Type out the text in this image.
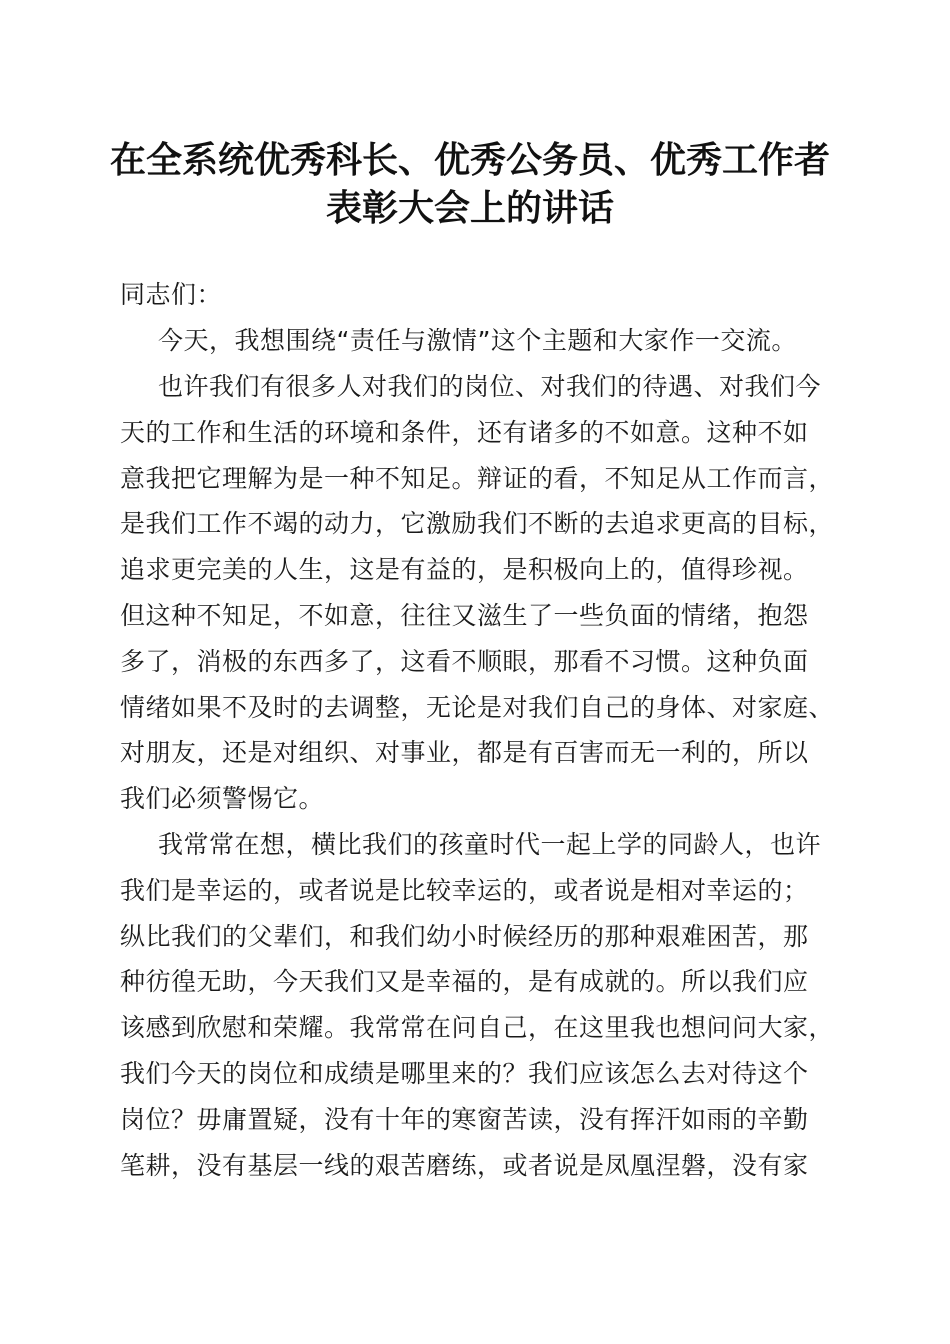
在全系统优秀科长、优秀公务员、优秀工作者
表彰大会上的讲话
同志们：
今天，我想围绕“责任与激情”这个主题和大家作一交流。
也许我们有很多人对我们的岗位、对我们的待遇、对我们今
天的工作和生活的环境和条件，还有诸多的不如意。这种不如
意我把它理解为是一种不知足。辩证的看，不知足从工作而言，
是我们工作不竭的动力，它激励我们不断的去追求更高的目标，
追求更完美的人生，这是有益的，是积极向上的，值得珍视。
但这种不知足，不如意，往往又滋生了一些负面的情绪，抱怨
多了，消极的东西多了，这看不顺眼，那看不习惯。这种负面
情绪如果不及时的去调整，无论是对我们自己的身体、对家庭、
对朋友，还是对组织、对事业，都是有百害而无一利的，所以
我们必须警惕它。
我常常在想，横比我们的孩童时代一起上学的同龄人，也许
我们是幸运的，或者说是比较幸运的，或者说是相对幸运的；
纵比我们的父辈们，和我们幼小时候经历的那种艰难困苦，那
种彷徨无助，今天我们又是幸福的，是有成就的。所以我们应
该感到欣慰和荣耀。我常常在问自己，在这里我也想问问大家，
我们今天的岗位和成绩是哪里来的？我们应该怎么去对待这个
岗位？毋庸置疑，没有十年的寒窗苦读，没有挥汗如雨的辛勤
笔耕，没有基层一线的艰苦磨练，或者说是凤凰涅磐，没有家
